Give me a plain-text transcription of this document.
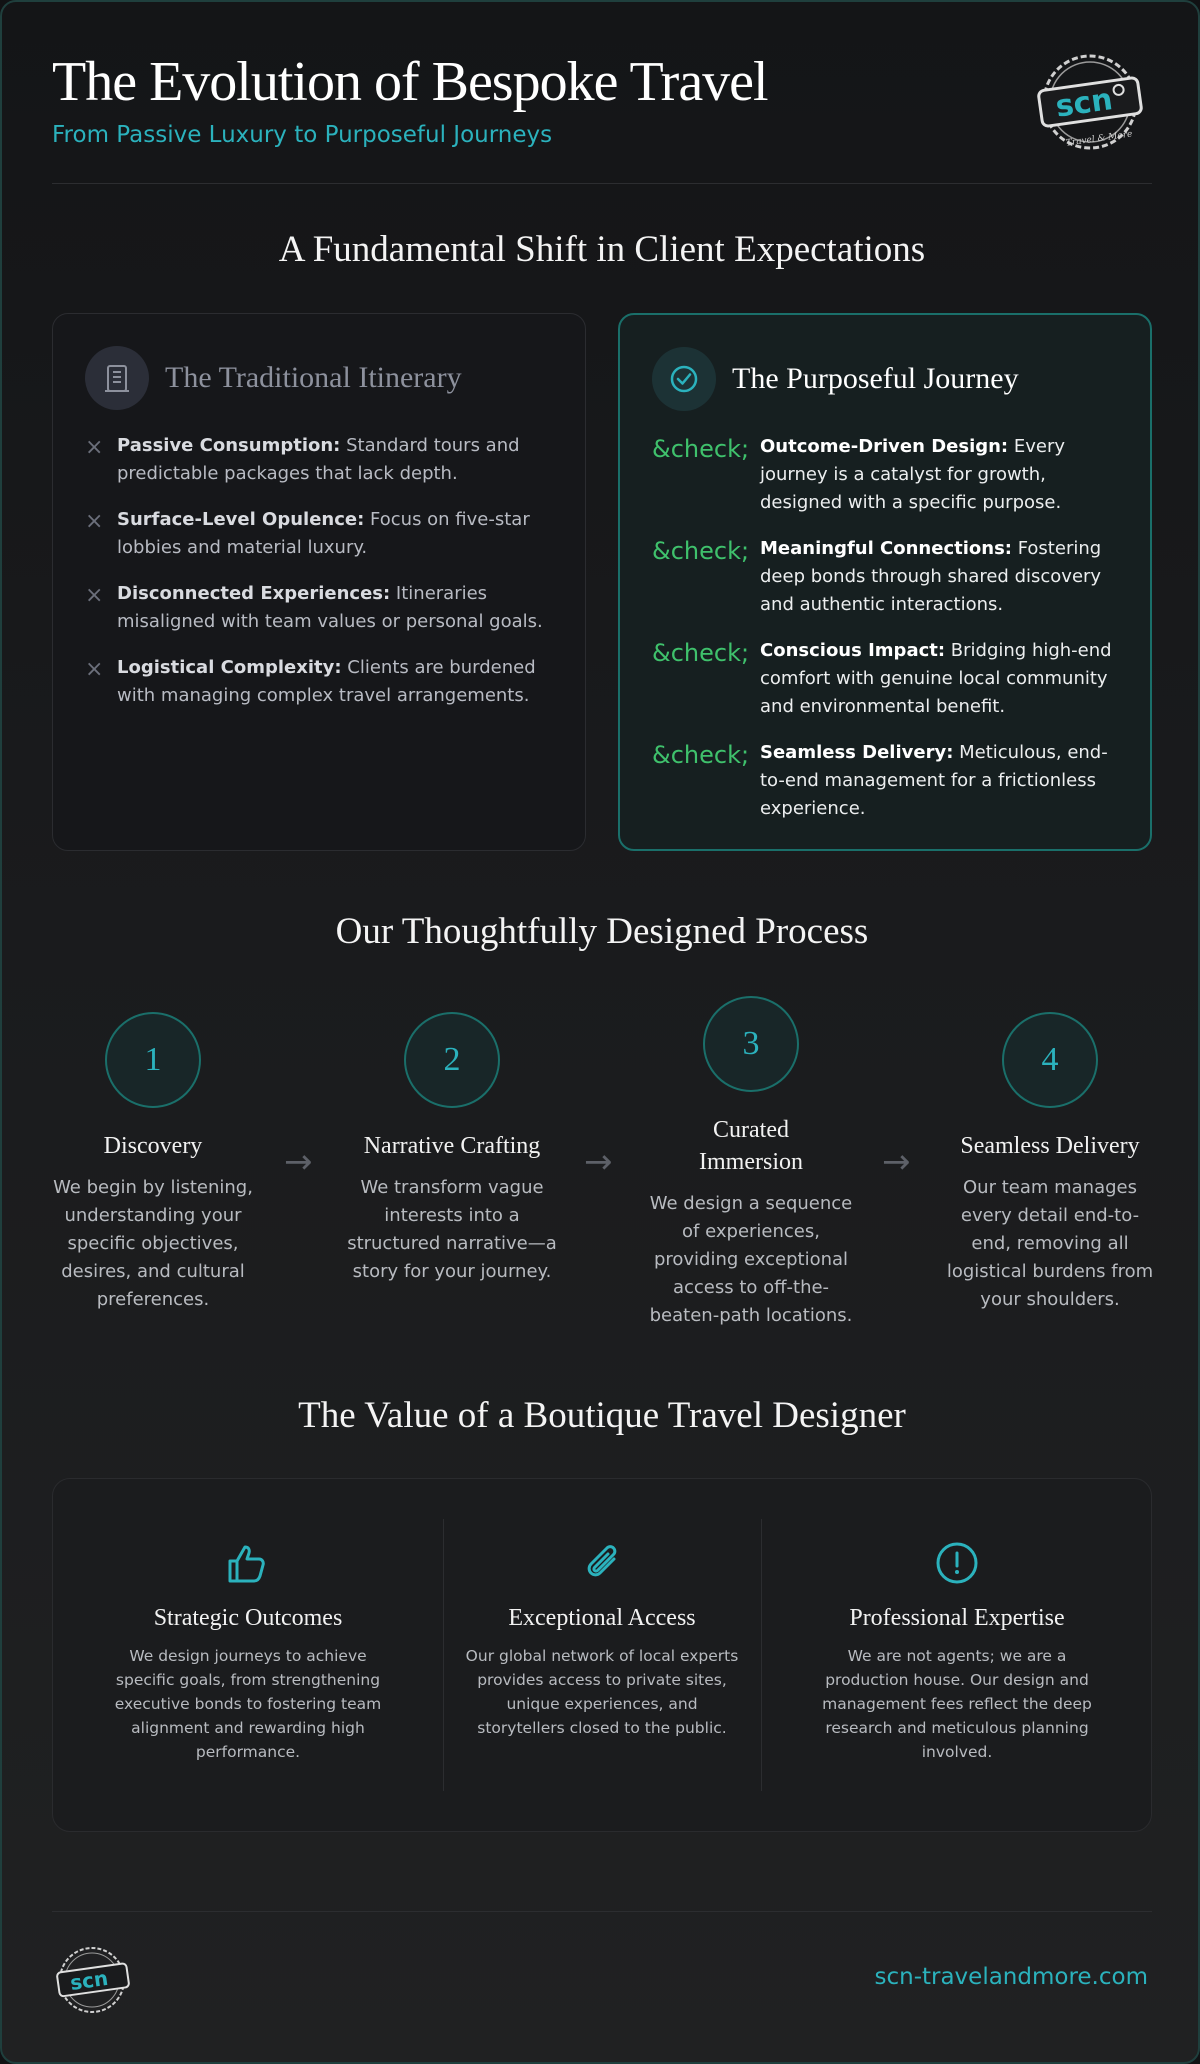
The Evolution of Bespoke Travel
From Passive Luxury to Purposeful Journeys
scn
Travel & More
A Fundamental Shift in Client Expectations
The Traditional Itinerary
× Passive Consumption: Standard tours and predictable packages that lack depth.
× Surface-Level Opulence: Focus on five-star lobbies and material luxury.
× Disconnected Experiences: Itineraries misaligned with team values or personal goals.
× Logistical Complexity: Clients are burdened with managing complex travel arrangements.
The Purposeful Journey
&check; Outcome-Driven Design: Every journey is a catalyst for growth, designed with a specific purpose.
&check; Meaningful Connections: Fostering deep bonds through shared discovery and authentic interactions.
&check; Conscious Impact: Bridging high-end comfort with genuine local community and environmental benefit.
&check; Seamless Delivery: Meticulous, end-to-end management for a frictionless experience.
Our Thoughtfully Designed Process
1
Discovery
We begin by listening, understanding your specific objectives, desires, and cultural preferences.
→
2
Narrative Crafting
We transform vague interests into a structured narrative—a story for your journey.
→
3
Curated Immersion
We design a sequence of experiences, providing exceptional access to off-the-beaten-path locations.
→
4
Seamless Delivery
Our team manages every detail end-to-end, removing all logistical burdens from your shoulders.
The Value of a Boutique Travel Designer
Strategic Outcomes
We design journeys to achieve specific goals, from strengthening executive bonds to fostering team alignment and rewarding high performance.
Exceptional Access
Our global network of local experts provides access to private sites, unique experiences, and storytellers closed to the public.
Professional Expertise
We are not agents; we are a production house. Our design and management fees reflect the deep research and meticulous planning involved.
scn	scn-travelandmore.com
